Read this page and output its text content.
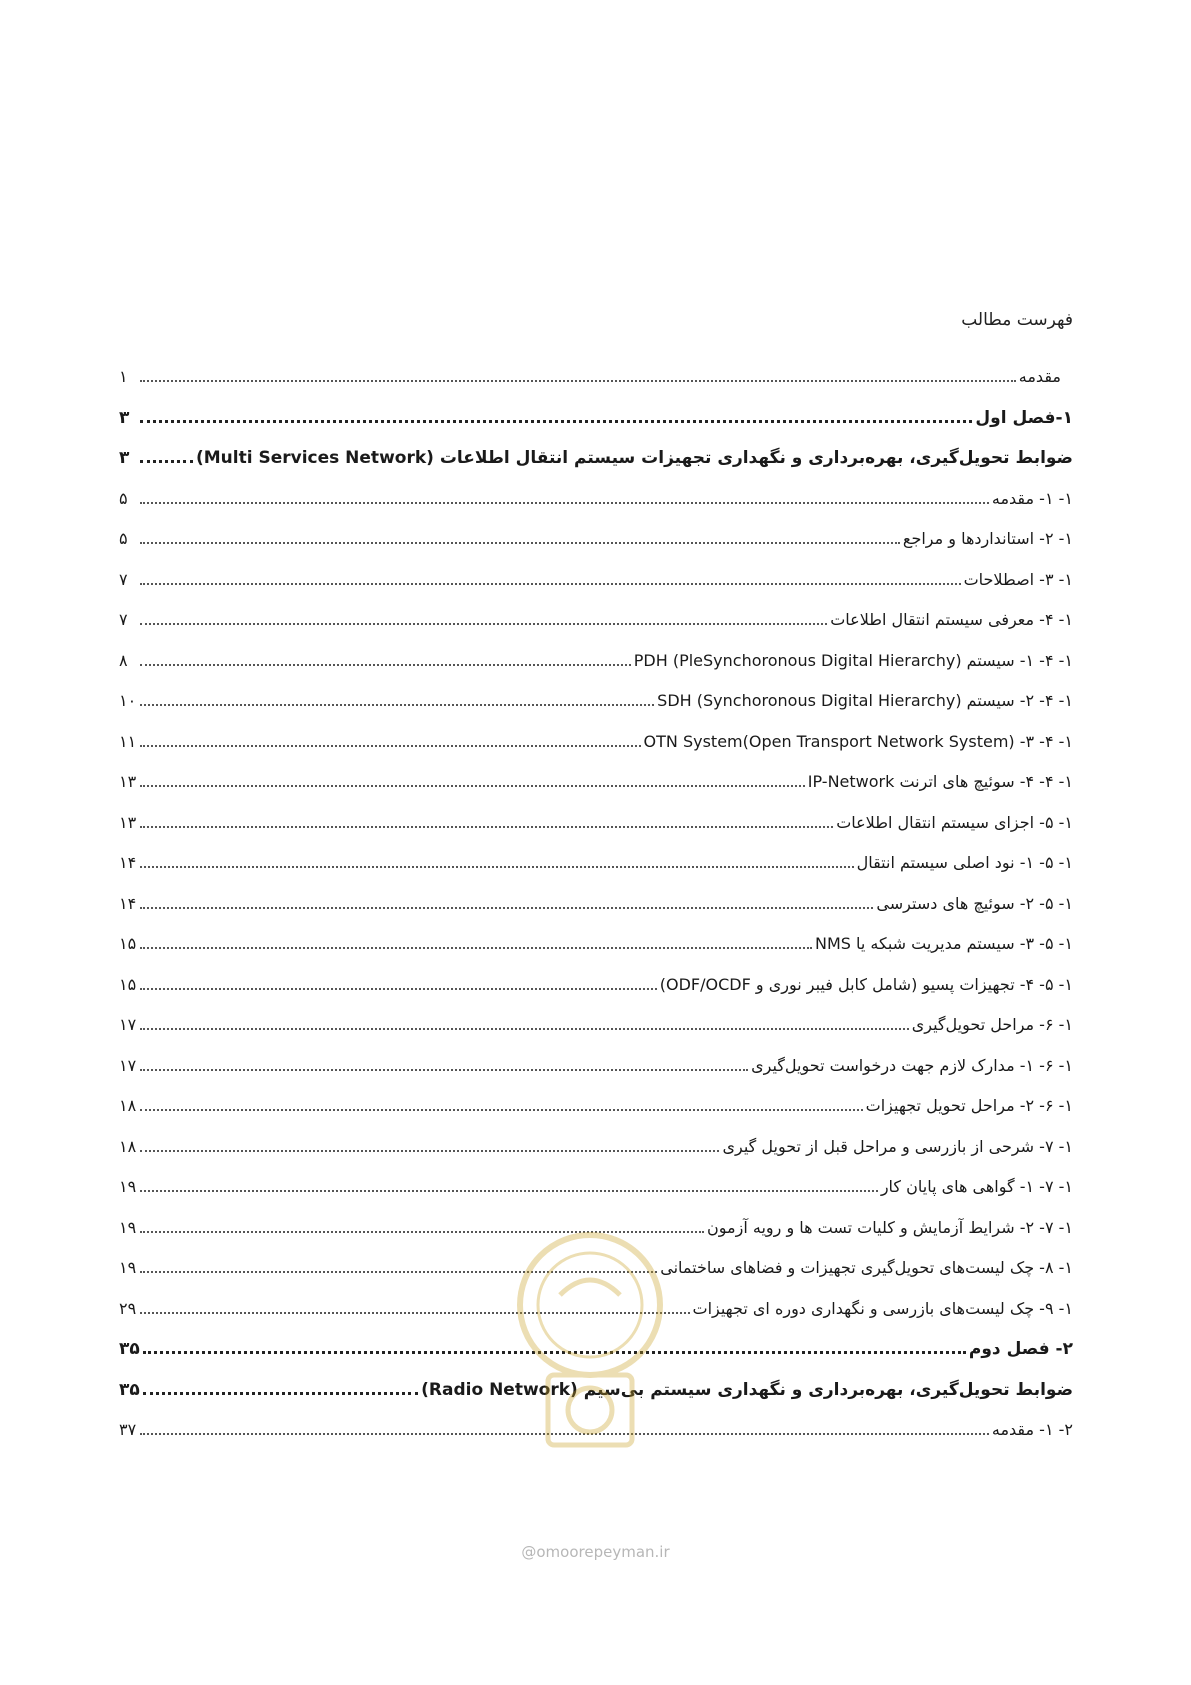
فهرست مطالب
مقدمه
۱
۱-فصل اول
۳
ضوابط تحویل‌گیری، بهره‌برداری و نگهداری تجهیزات سیستم انتقال اطلاعات (Multi Services Network)
۳
۱- ۱- مقدمه
۵
۱- ۲- استانداردها و مراجع
۵
۱- ۳- اصطلاحات
۷
۱- ۴- معرفی سیستم انتقال اطلاعات
۷
۱- ۴- ۱- سیستم PDH (PleSynchoronous Digital Hierarchy)
۸
۱- ۴- ۲- سیستم SDH (Synchoronous Digital Hierarchy)
۱۰
۱- ۴- ۳- OTN System(Open Transport Network System)
۱۱
۱- ۴- ۴- سوئیچ های اترنت IP-Network
۱۳
۱- ۵- اجزای سیستم انتقال اطلاعات
۱۳
۱- ۵- ۱- نود اصلی سیستم انتقال
۱۴
۱- ۵- ۲- سوئیچ های دسترسی
۱۴
۱- ۵- ۳- سیستم مدیریت شبکه یا NMS
۱۵
۱- ۵- ۴- تجهیزات پسیو (شامل کابل فیبر نوری و ODF/OCDF)
۱۵
۱- ۶- مراحل تحویل‌گیری
۱۷
۱- ۶- ۱- مدارک لازم جهت درخواست تحویل‌گیری
۱۷
۱- ۶- ۲- مراحل تحویل تجهیزات
۱۸
۱- ۷- شرحی از بازرسی و مراحل قبل از تحویل گیری
۱۸
۱- ۷- ۱- گواهی های پایان کار
۱۹
۱- ۷- ۲- شرایط آزمایش و کلیات تست ها و رویه آزمون
۱۹
۱- ۸- چک لیست‌های تحویل‌گیری تجهیزات و فضاهای ساختمانی
۱۹
۱- ۹- چک لیست‌های بازرسی و نگهداری دوره ای تجهیزات
۲۹
۲- فصل دوم
۳۵
ضوابط تحویل‌گیری، بهره‌برداری و نگهداری سیستم بی‌سیم (Radio Network)
۳۵
۲- ۱- مقدمه
۳۷
@omoorepeyman.ir
